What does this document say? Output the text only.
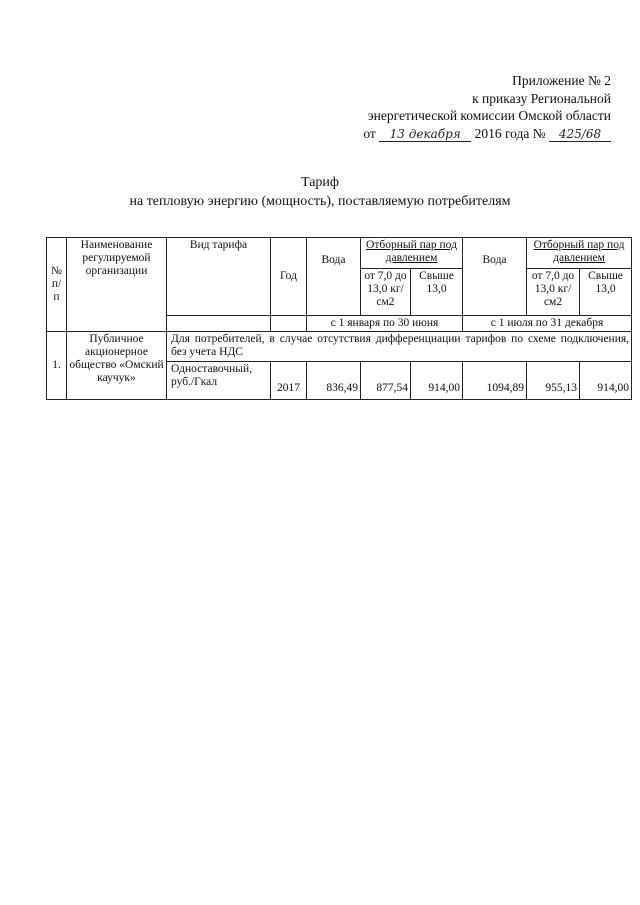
Приложение № 2
к приказу Региональной
энергетической комиссии Омской области
от 13 декабря 2016 года № 425/68
Тариф
на тепловую энергию (мощность), поставляемую потребителям
№ п/ п	Наименование регулируемой организации	Вид тарифа	Год	Вода	Отборный пар под давлением		Вода	Отборный пар под давлением	
					от 7,0 до 13,0 кг/см2	Свыше 13,0		от 7,0 до 13,0 кг/см2	Свыше 13,0
				с 1 января по 30 июня			с 1 июля по 31 декабря		
1.	Публичное акционерное общество «Омский каучук»	Для потребителей, в случае отсутствия дифференциации тарифов по схеме подключения, без учета НДС							
		Одноставочный, руб./Гкал	2017	836,49	877,54	914,00	1094,89	955,13	914,00
